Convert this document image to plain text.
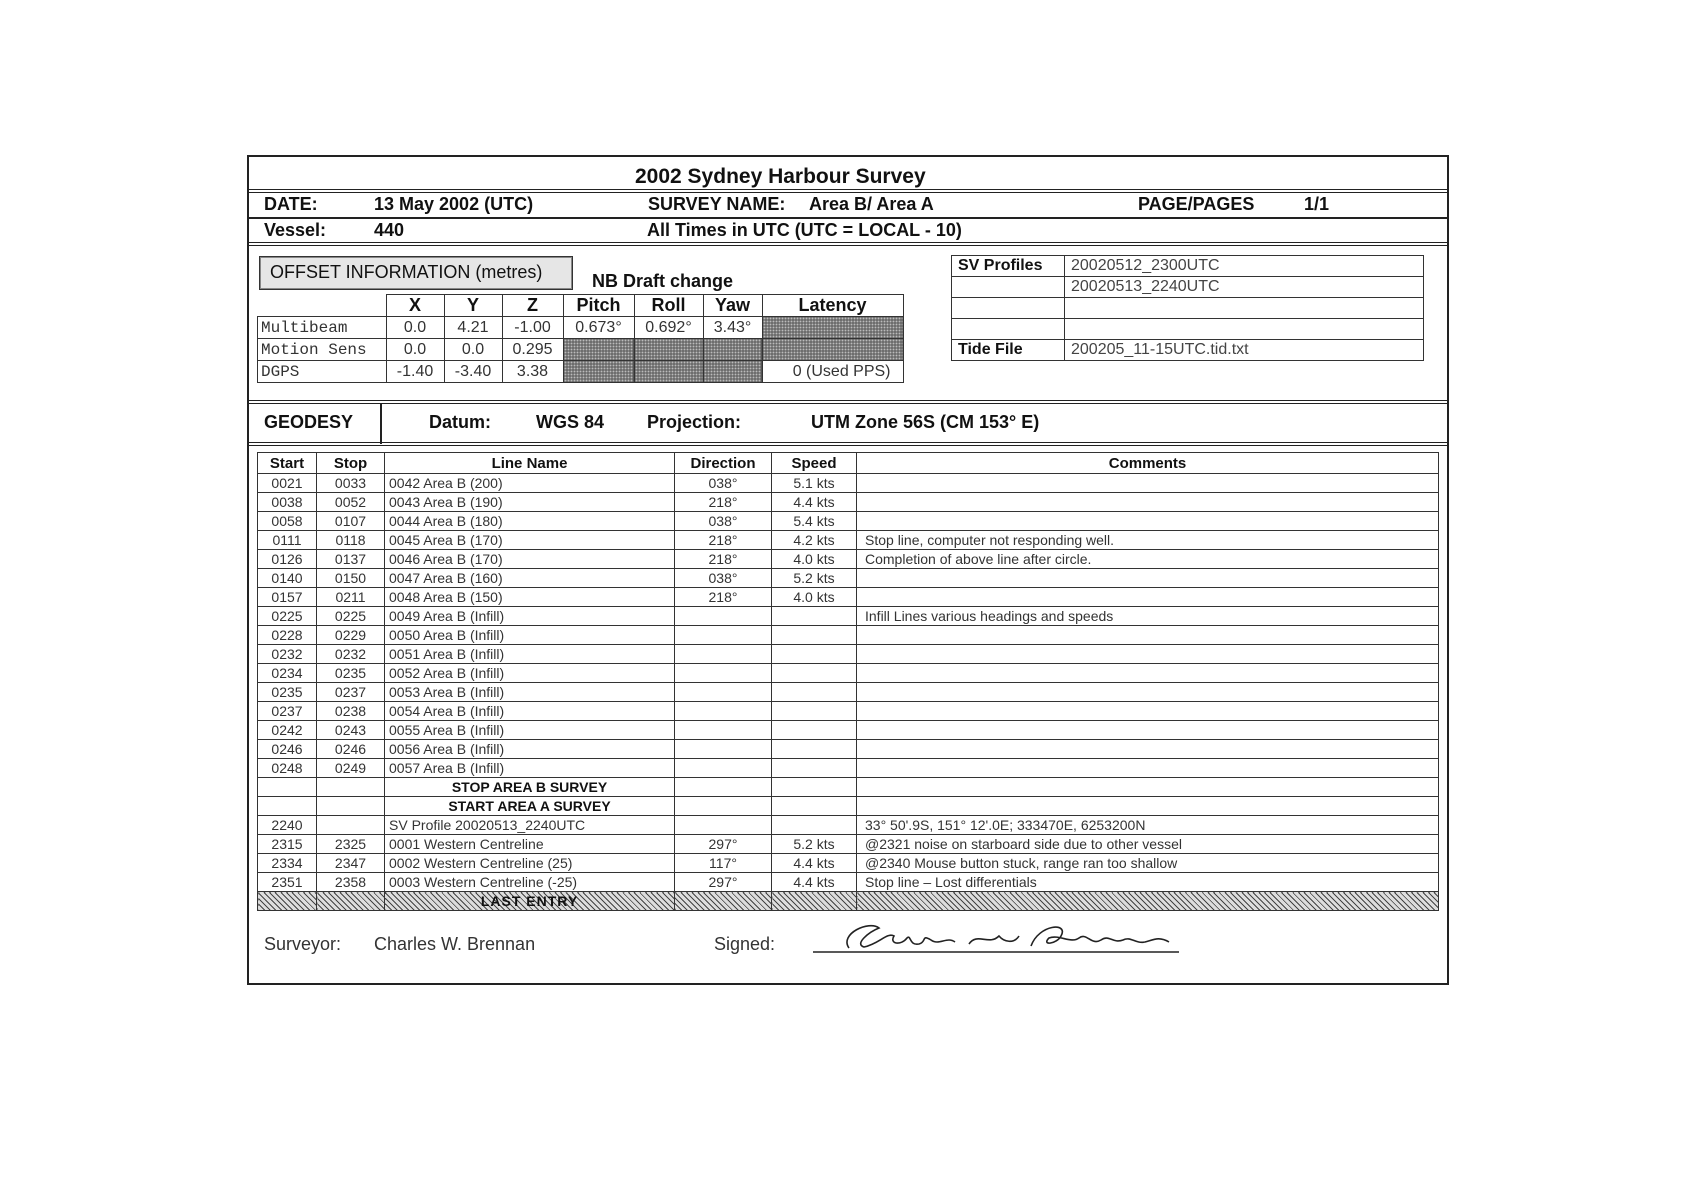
2002 Sydney Harbour Survey
DATE:	13 May 2002 (UTC)	SURVEY NAME: Area B/ Area A	PAGE/PAGES	1/1
Vessel:	440	All Times in UTC (UTC = LOCAL - 10)
OFFSET INFORMATION (metres)	NB Draft change
	X	Y	Z	Pitch	Roll	Yaw	Latency
Multibeam	0.0	4.21	-1.00	0.673°	0.692°	3.43°	
Motion Sens	0.0	0.0	0.295				
DGPS	-1.40	-3.40	3.38				0 (Used PPS)
SV Profiles	20020512_2300UTC
	20020513_2240UTC

Tide File	200205_11-15UTC.tid.txt
GEODESY	Datum:	WGS 84 Projection:	UTM Zone 56S (CM 153° E)
Start	Stop	Line Name	Direction	Speed	Comments
0021	0033	0042 Area B (200)	038°	5.1 kts	
0038	0052	0043 Area B (190)	218°	4.4 kts	
0058	0107	0044 Area B (180)	038°	5.4 kts	
0111	0118	0045 Area B (170)	218°	4.2 kts	Stop line, computer not responding well.
0126	0137	0046 Area B (170)	218°	4.0 kts	Completion of above line after circle.
0140	0150	0047 Area B (160)	038°	5.2 kts	
0157	0211	0048 Area B (150)	218°	4.0 kts	
0225	0225	0049 Area B (Infill)			Infill Lines various headings and speeds
0228	0229	0050 Area B (Infill)			
0232	0232	0051 Area B (Infill)			
0234	0235	0052 Area B (Infill)			
0235	0237	0053 Area B (Infill)			
0237	0238	0054 Area B (Infill)			
0242	0243	0055 Area B (Infill)			
0246	0246	0056 Area B (Infill)			
0248	0249	0057 Area B (Infill)			
		STOP AREA B SURVEY			
		START AREA A SURVEY			
2240		SV Profile 20020513_2240UTC			33° 50'.9S, 151° 12'.0E; 333470E, 6253200N
2315	2325	0001 Western Centreline	297°	5.2 kts	@2321 noise on starboard side due to other vessel
2334	2347	0002 Western Centreline (25)	117°	4.4 kts	@2340 Mouse button stuck, range ran too shallow
2351	2358	0003 Western Centreline (-25)	297°	4.4 kts	Stop line – Lost differentials
		LAST ENTRY			
Surveyor: Charles W. Brennan	Signed:
